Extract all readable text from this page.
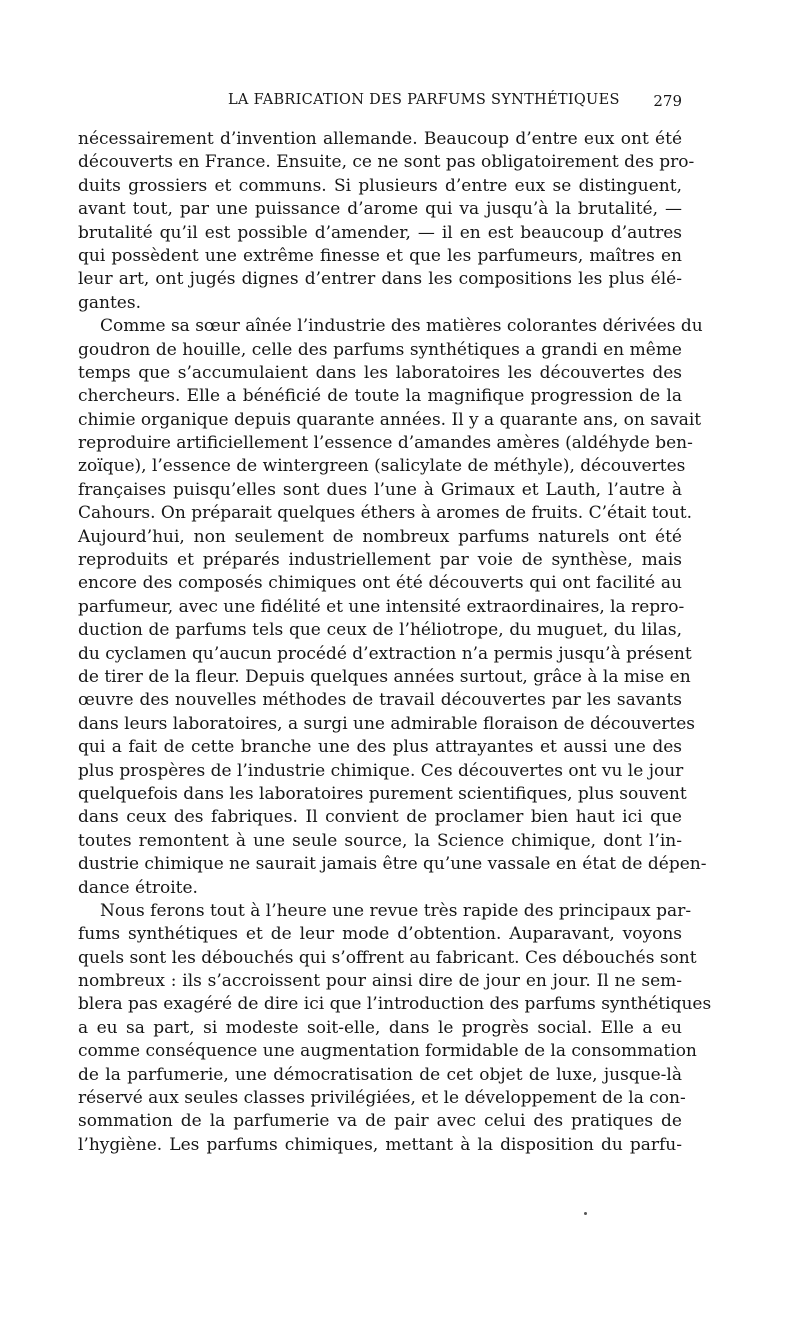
LA FABRICATION DES PARFUMS SYNTHÉTIQUES 279
nécessairement d’invention allemande. Beaucoup d’entre eux ont été
découverts en France. Ensuite, ce ne sont pas obligatoirement des pro-
duits grossiers et communs. Si plusieurs d’entre eux se distinguent,
avant tout, par une puissance d’arome qui va jusqu’à la brutalité, —
brutalité qu’il est possible d’amender, — il en est beaucoup d’autres
qui possèdent une extrême finesse et que les parfumeurs, maîtres en
leur art, ont jugés dignes d’entrer dans les compositions les plus élé-
gantes.
Comme sa sœur aînée l’industrie des matières colorantes dérivées du
goudron de houille, celle des parfums synthétiques a grandi en même
temps que s’accumulaient dans les laboratoires les découvertes des
chercheurs. Elle a bénéficié de toute la magnifique progression de la
chimie organique depuis quarante années. Il y a quarante ans, on savait
reproduire artificiellement l’essence d’amandes amères (aldéhyde ben-
zoïque), l’essence de wintergreen (salicylate de méthyle), découvertes
françaises puisqu’elles sont dues l’une à Grimaux et Lauth, l’autre à
Cahours. On préparait quelques éthers à aromes de fruits. C’était tout.
Aujourd’hui, non seulement de nombreux parfums naturels ont été
reproduits et préparés industriellement par voie de synthèse, mais
encore des composés chimiques ont été découverts qui ont facilité au
parfumeur, avec une fidélité et une intensité extraordinaires, la repro-
duction de parfums tels que ceux de l’héliotrope, du muguet, du lilas,
du cyclamen qu’aucun procédé d’extraction n’a permis jusqu’à présent
de tirer de la fleur. Depuis quelques années surtout, grâce à la mise en
œuvre des nouvelles méthodes de travail découvertes par les savants
dans leurs laboratoires, a surgi une admirable floraison de découvertes
qui a fait de cette branche une des plus attrayantes et aussi une des
plus prospères de l’industrie chimique. Ces découvertes ont vu le jour
quelquefois dans les laboratoires purement scientifiques, plus souvent
dans ceux des fabriques. Il convient de proclamer bien haut ici que
toutes remontent à une seule source, la Science chimique, dont l’in-
dustrie chimique ne saurait jamais être qu’une vassale en état de dépen-
dance étroite.
Nous ferons tout à l’heure une revue très rapide des principaux par-
fums synthétiques et de leur mode d’obtention. Auparavant, voyons
quels sont les débouchés qui s’offrent au fabricant. Ces débouchés sont
nombreux : ils s’accroissent pour ainsi dire de jour en jour. Il ne sem-
blera pas exagéré de dire ici que l’introduction des parfums synthétiques
a eu sa part, si modeste soit-elle, dans le progrès social. Elle a eu
comme conséquence une augmentation formidable de la consommation
de la parfumerie, une démocratisation de cet objet de luxe, jusque-là
réservé aux seules classes privilégiées, et le développement de la con-
sommation de la parfumerie va de pair avec celui des pratiques de
l’hygiène. Les parfums chimiques, mettant à la disposition du parfu-
